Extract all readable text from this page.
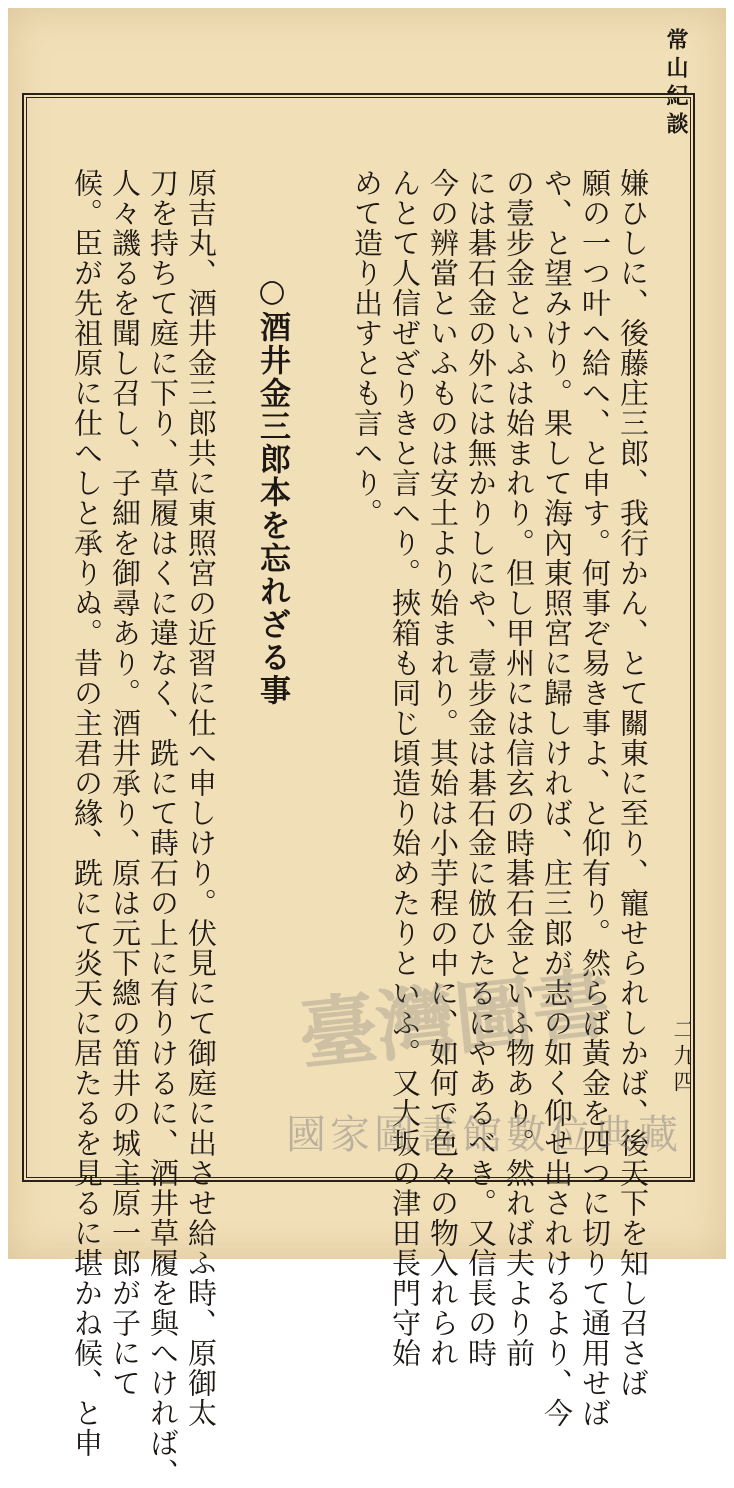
常山紀談
二九四
嫌ひしに、後藤庄三郎、我行かん、とて關東に至り、寵せられしかば、後天下を知し召さば
願の一つ叶へ給へ、と申す。何事ぞ易き事よ、と仰有り。然らば黃金を四つに切りて通用せば
や、と望みけり。果して海內東照宮に歸しければ、庄三郎が志の如く仰せ出されけるより、今
の壹步金といふは始まれり。但し甲州には信玄の時碁石金といふ物あり。然れば夫より前
には碁石金の外には無かりしにや、壹步金は碁石金に倣ひたるにやあるべき。又信長の時
今の辨當といふものは安土より始まれり。其始は小芋程の中に、如何で色々の物入れられ
んとて人信ぜざりきと言へり。挾箱も同じ頃造り始めたりといふ。又大坂の津田長門守始
めて造り出すとも言へり。
○酒井金三郎本を忘れざる事
原吉丸、酒井金三郎共に東照宮の近習に仕へ申しけり。伏見にて御庭に出させ給ふ時、原御太
刀を持ちて庭に下り、草履はくに違なく、跣にて蒔石の上に有りけるに、酒井草履を與へければ、
人々譏るを聞し召し、子細を御尋あり。酒井承り、原は元下總の笛井の城主原一郎が子にて
候。臣が先祖原に仕へしと承りぬ。昔の主君の緣、跣にて炎天に居たるを見るに堪かね候、と申 臺灣圖書
國家圖書館數位典藏
